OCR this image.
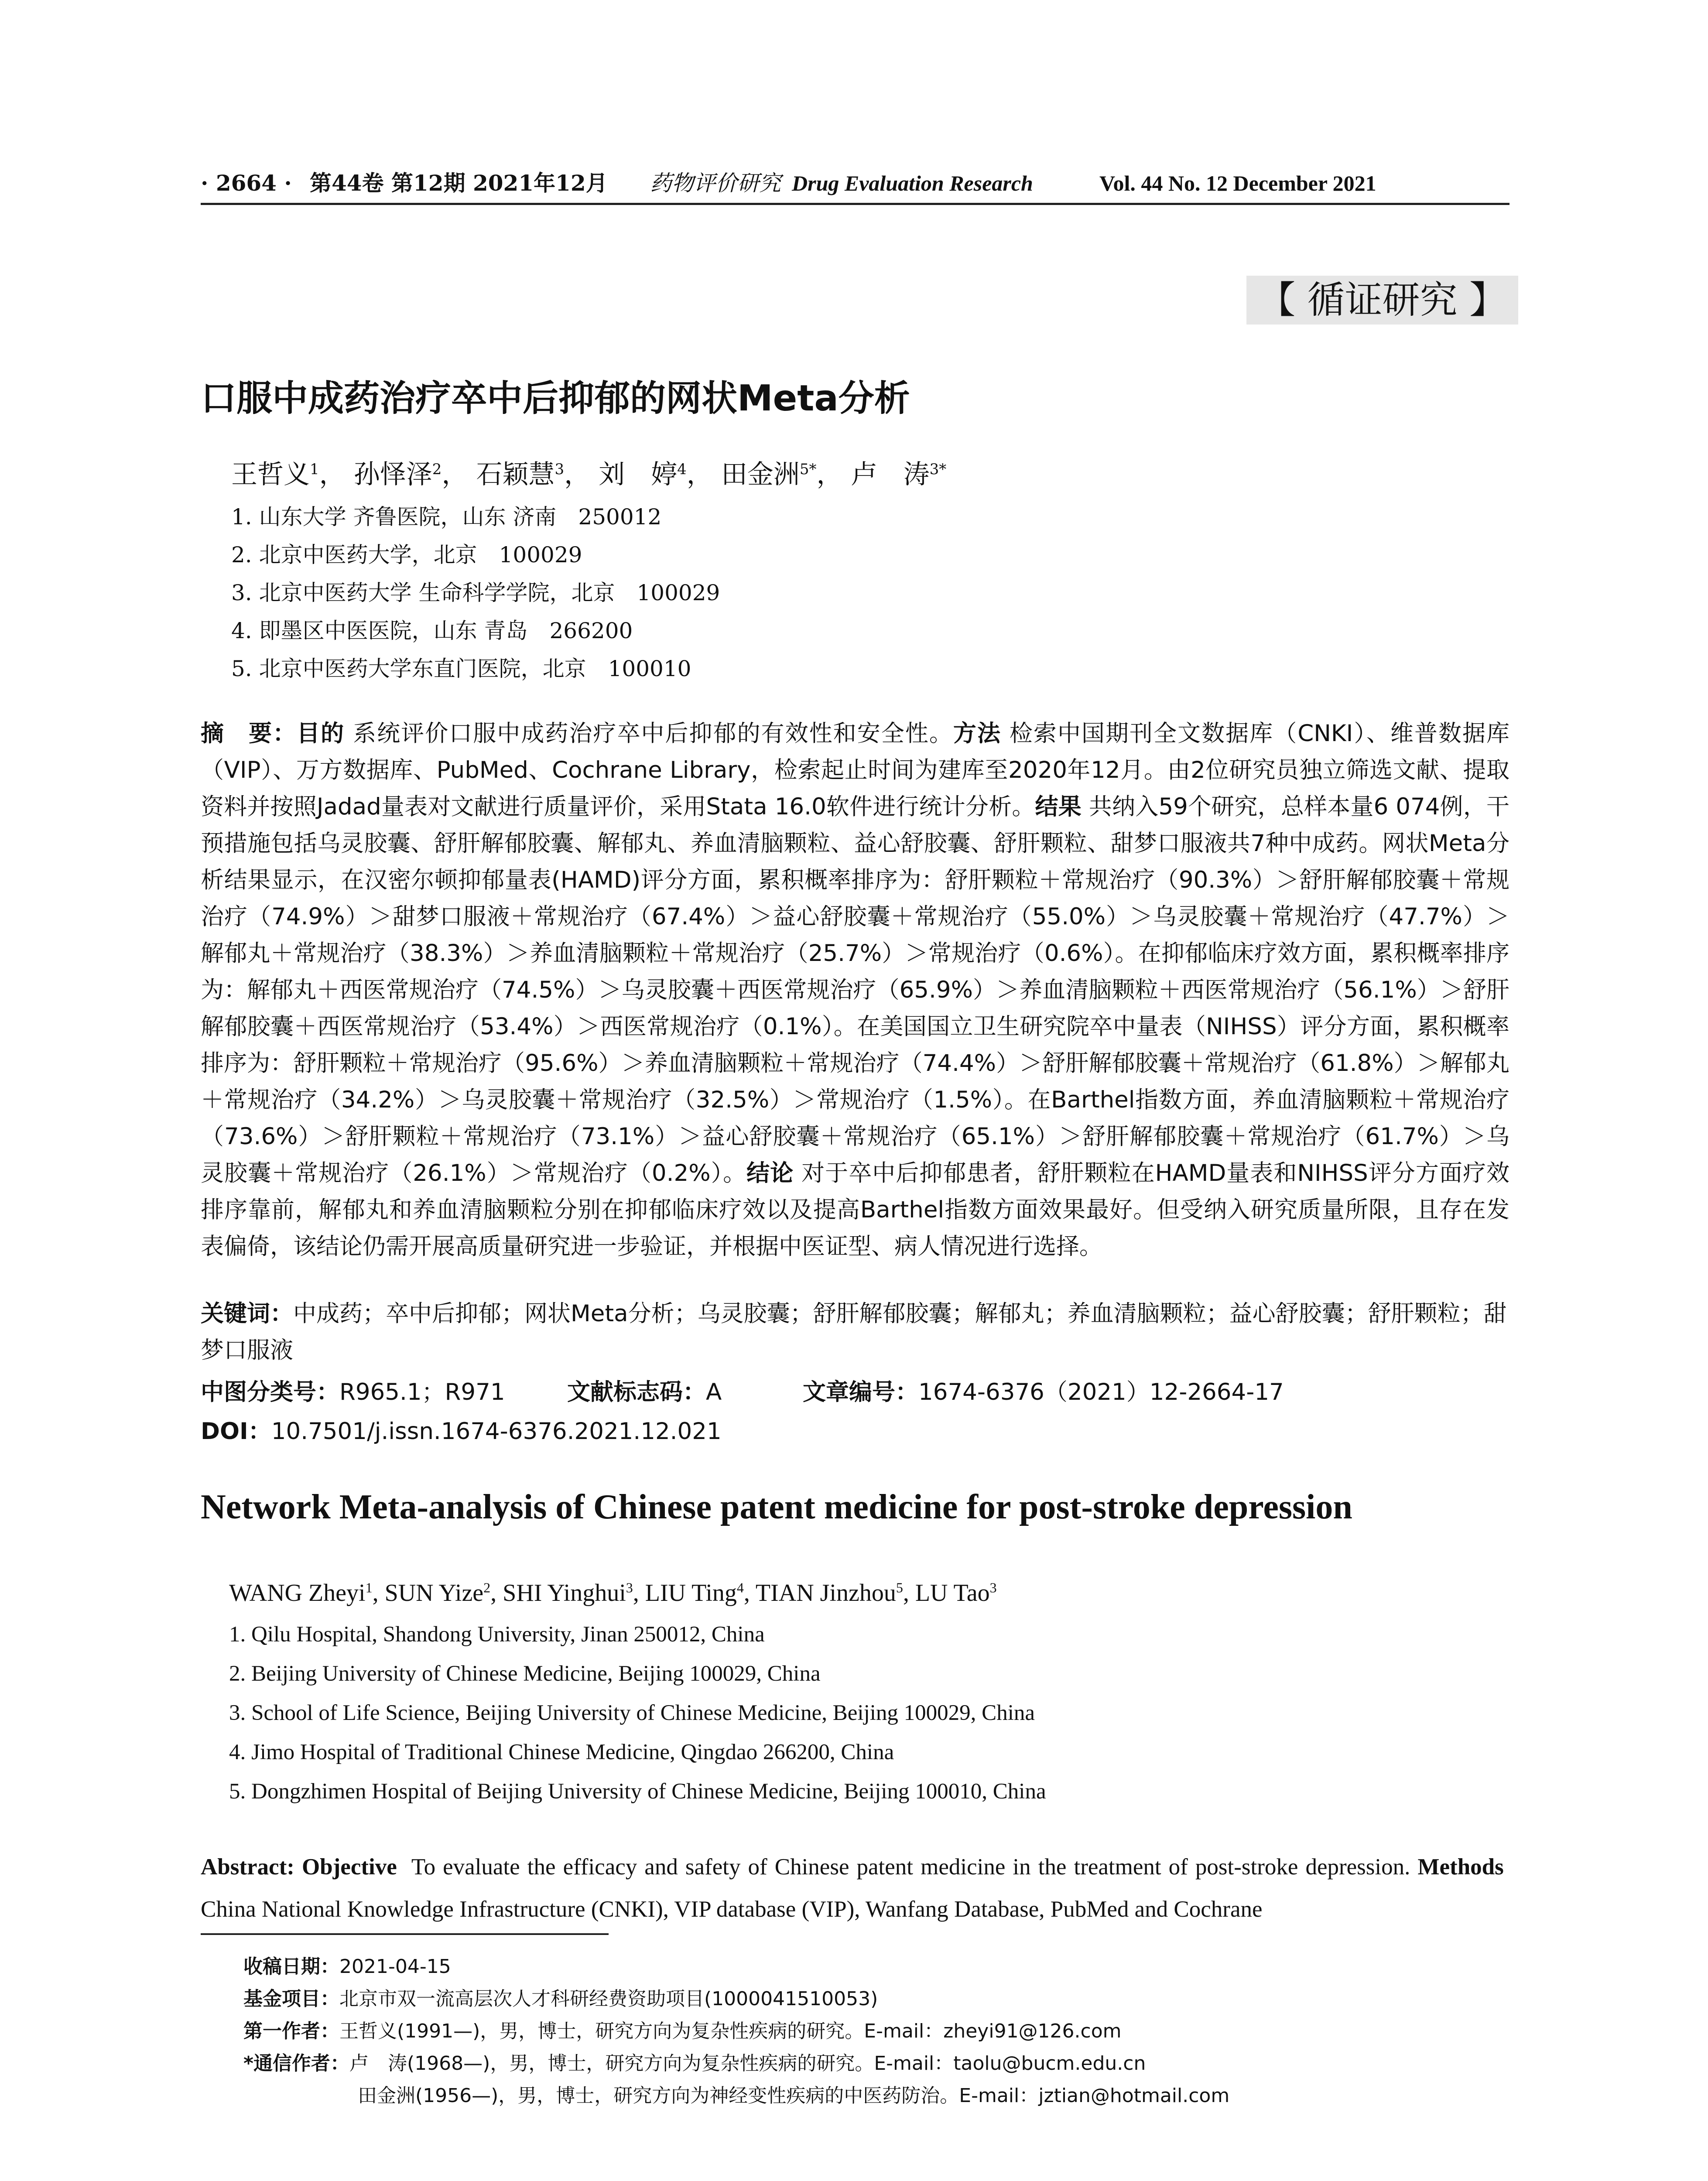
· 2664 · 第44卷 第12期 2021年12月 药物评价研究 Drug Evaluation Research	Vol. 44 No. 12 December 2021
【 循证研究 】
口服中成药治疗卒中后抑郁的网状Meta分析
王哲义$^1$， 孙怿泽$^2$， 石颖慧$^3$， 刘　婷$^4$， 田金洲$^{5*}$， 卢　涛$^{3*}$
1. 山东大学 齐鲁医院，山东 济南　250012
2. 北京中医药大学，北京　100029
3. 北京中医药大学 生命科学学院，北京　100029
4. 即墨区中医医院，山东 青岛　266200
5. 北京中医药大学东直门医院，北京　100010
摘　要：目的 系统评价口服中成药治疗卒中后抑郁的有效性和安全性。方法 检索中国期刊全文数据库（CNKI）、维普数据库（VIP）、万方数据库、PubMed、Cochrane Library，检索起止时间为建库至2020年12月。由2位研究员独立筛选文献、提取资料并按照Jadad量表对文献进行质量评价，采用Stata 16.0软件进行统计分析。结果 共纳入59个研究，总样本量6 074例，干预措施包括乌灵胶囊、舒肝解郁胶囊、解郁丸、养血清脑颗粒、益心舒胶囊、舒肝颗粒、甜梦口服液共7种中成药。网状Meta分析结果显示，在汉密尔顿抑郁量表(HAMD)评分方面，累积概率排序为：舒肝颗粒＋常规治疗（90.3%）＞舒肝解郁胶囊＋常规治疗（74.9%）＞甜梦口服液＋常规治疗（67.4%）＞益心舒胶囊＋常规治疗（55.0%）＞乌灵胶囊＋常规治疗（47.7%）＞解郁丸＋常规治疗（38.3%）＞养血清脑颗粒＋常规治疗（25.7%）＞常规治疗（0.6%）。在抑郁临床疗效方面，累积概率排序为：解郁丸＋西医常规治疗（74.5%）＞乌灵胶囊＋西医常规治疗（65.9%）＞养血清脑颗粒＋西医常规治疗（56.1%）＞舒肝解郁胶囊＋西医常规治疗（53.4%）＞西医常规治疗（0.1%）。在美国国立卫生研究院卒中量表（NIHSS）评分方面，累积概率排序为：舒肝颗粒＋常规治疗（95.6%）＞养血清脑颗粒＋常规治疗（74.4%）＞舒肝解郁胶囊＋常规治疗（61.8%）＞解郁丸＋常规治疗（34.2%）＞乌灵胶囊＋常规治疗（32.5%）＞常规治疗（1.5%）。在Barthel指数方面，养血清脑颗粒＋常规治疗（73.6%）＞舒肝颗粒＋常规治疗（73.1%）＞益心舒胶囊＋常规治疗（65.1%）＞舒肝解郁胶囊＋常规治疗（61.7%）＞乌灵胶囊＋常规治疗（26.1%）＞常规治疗（0.2%）。结论 对于卒中后抑郁患者，舒肝颗粒在HAMD量表和NIHSS评分方面疗效排序靠前，解郁丸和养血清脑颗粒分别在抑郁临床疗效以及提高Barthel指数方面效果最好。但受纳入研究质量所限，且存在发表偏倚，该结论仍需开展高质量研究进一步验证，并根据中医证型、病人情况进行选择。
关键词：中成药；卒中后抑郁；网状Meta分析；乌灵胶囊；舒肝解郁胶囊；解郁丸；养血清脑颗粒；益心舒胶囊；舒肝颗粒；甜梦口服液
中图分类号：R965.1；R971	文献标志码：A	文章编号：1674-6376（2021）12-2664-17
DOI：10.7501/j.issn.1674-6376.2021.12.021
Network Meta-analysis of Chinese patent medicine for post-stroke depression
WANG Zheyi$^1$, SUN Yize$^2$, SHI Yinghui$^3$, LIU Ting$^4$, TIAN Jinzhou$^5$, LU Tao$^3$
1. Qilu Hospital, Shandong University, Jinan 250012, China
2. Beijing University of Chinese Medicine, Beijing 100029, China
3. School of Life Science, Beijing University of Chinese Medicine, Beijing 100029, China
4. Jimo Hospital of Traditional Chinese Medicine, Qingdao 266200, China
5. Dongzhimen Hospital of Beijing University of Chinese Medicine, Beijing 100010, China
Abstract: Objective To evaluate the efficacy and safety of Chinese patent medicine in the treatment of post-stroke depression. Methods  China National Knowledge Infrastructure (CNKI), VIP database (VIP), Wanfang Database, PubMed and Cochrane
收稿日期：2021-04-15
基金项目：北京市双一流高层次人才科研经费资助项目(1000041510053)
第一作者：王哲义(1991—)，男，博士，研究方向为复杂性疾病的研究。E-mail：zheyi91@126.com
*通信作者：卢　涛(1968—)，男，博士，研究方向为复杂性疾病的研究。E-mail：taolu@bucm.edu.cn
田金洲(1956—)，男，博士，研究方向为神经变性疾病的中医药防治。E-mail：jztian@hotmail.com
